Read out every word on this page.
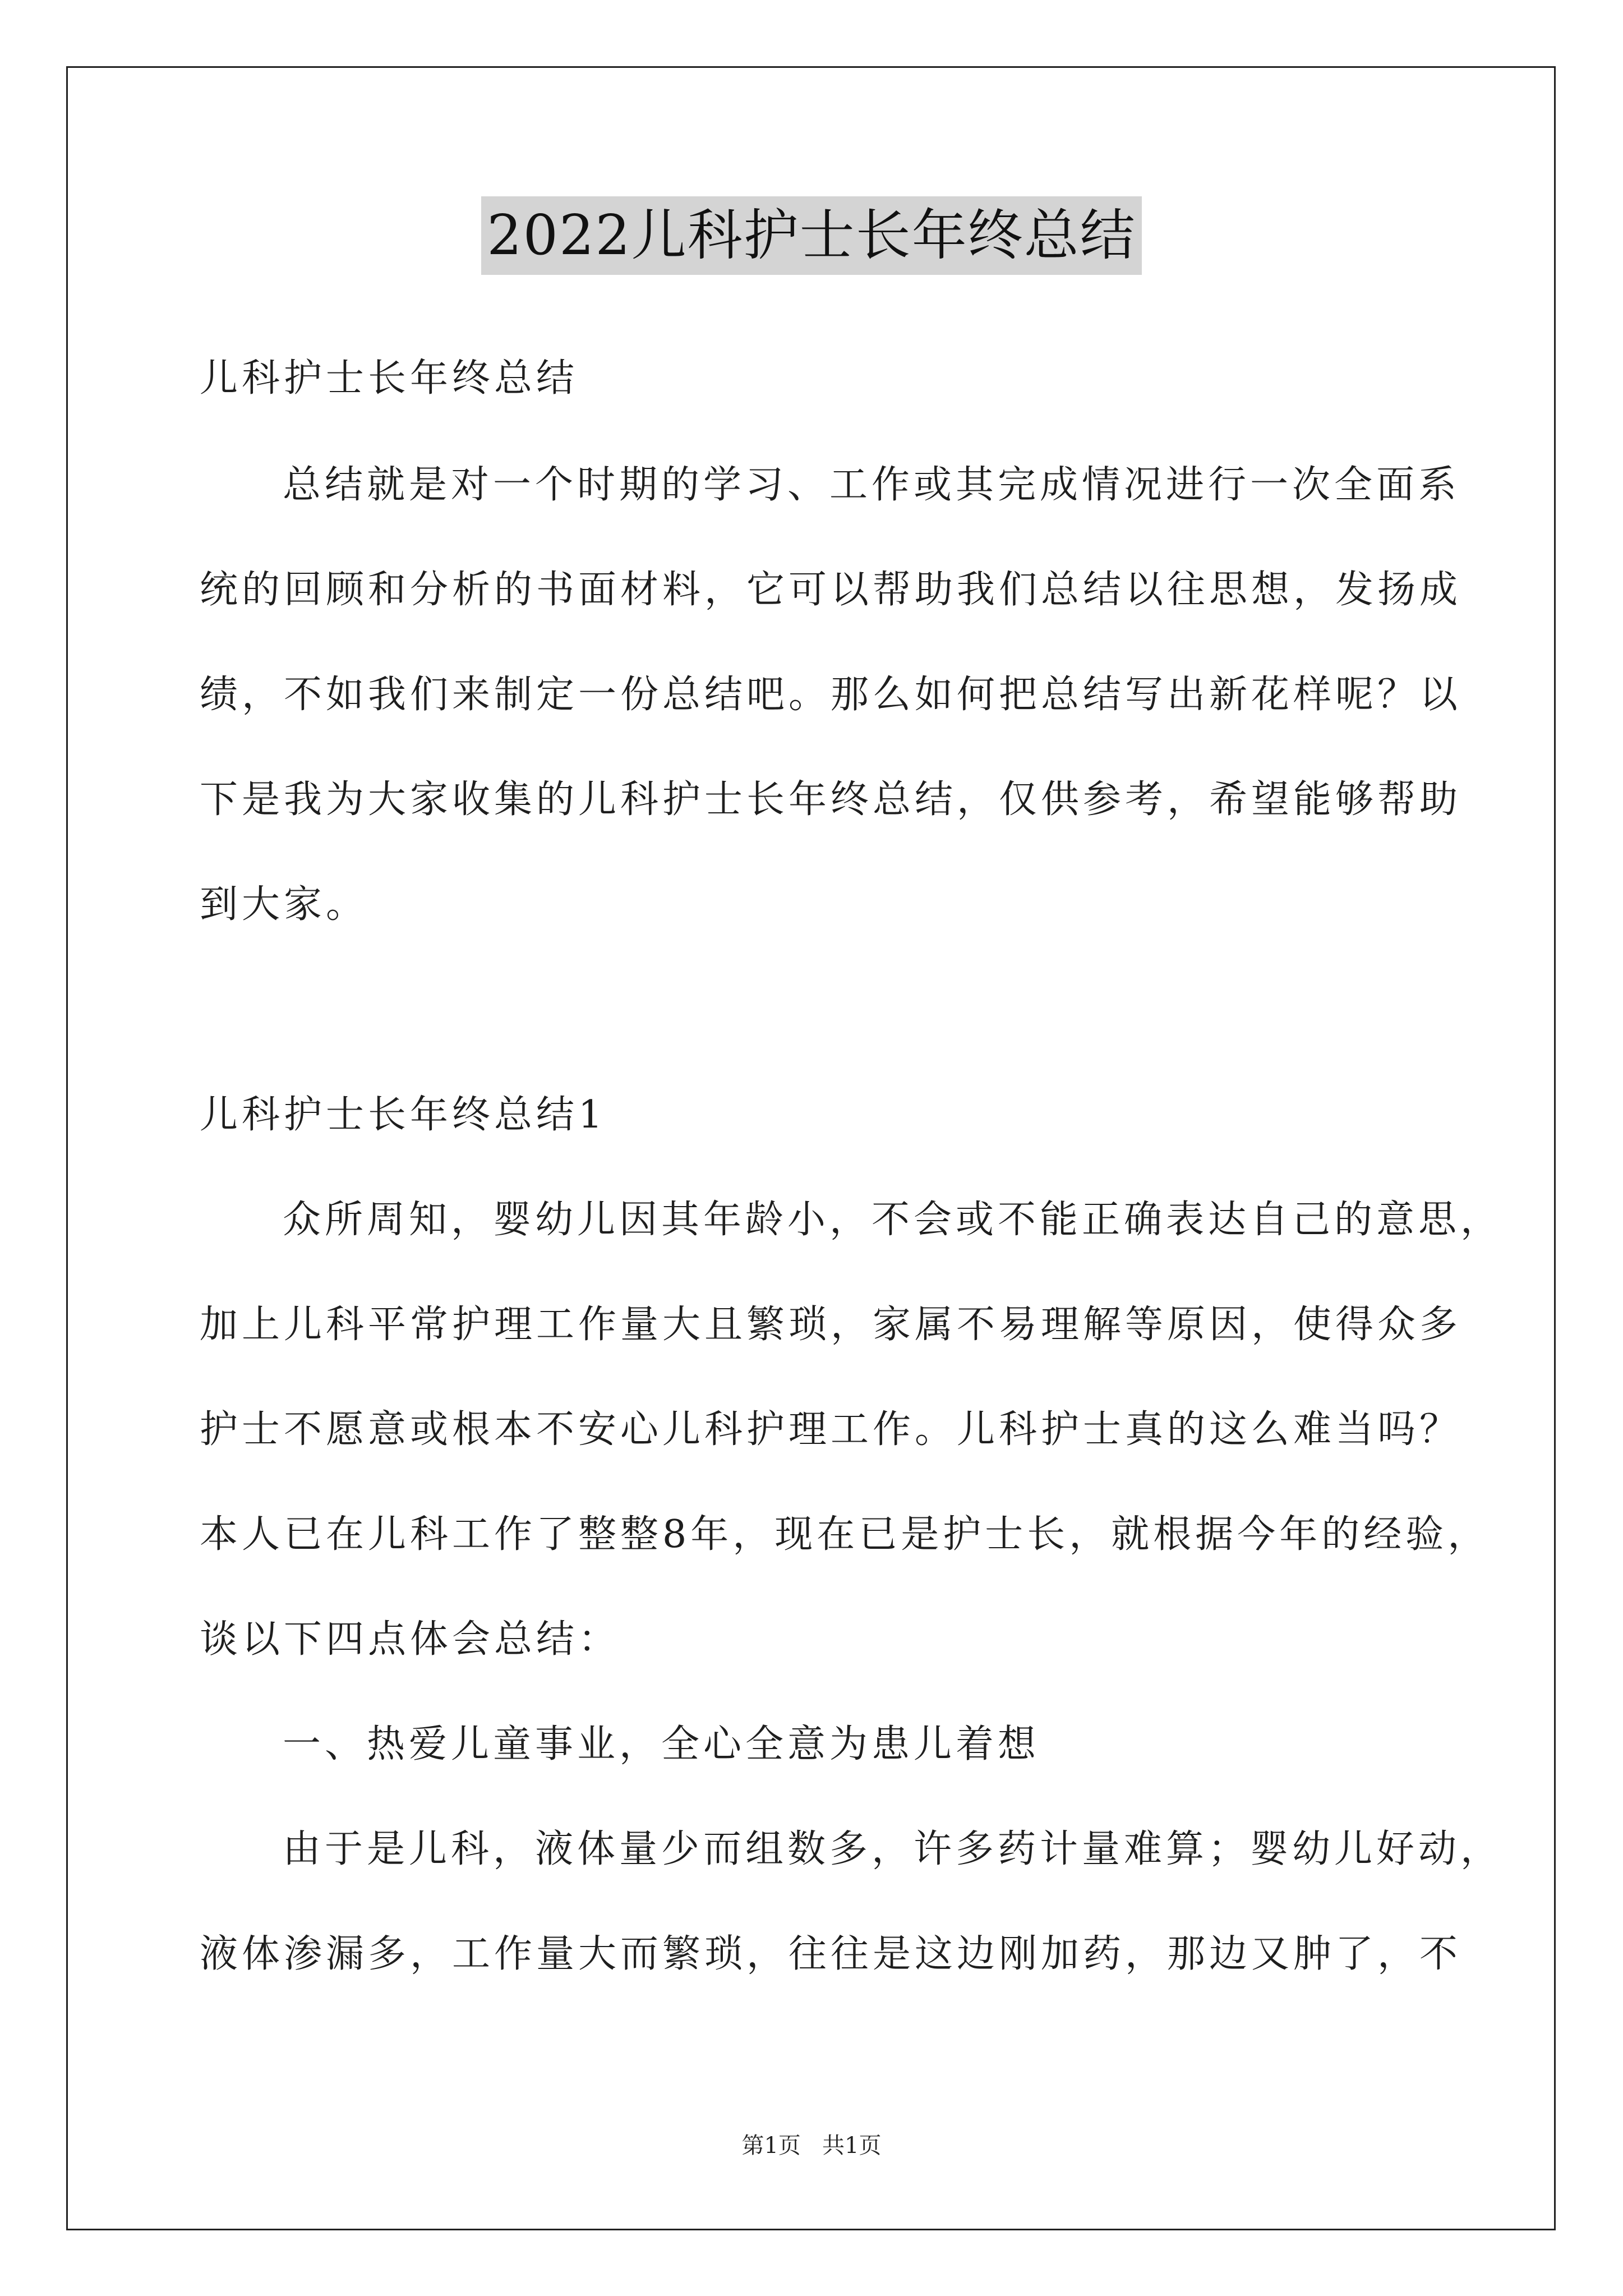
2022儿科护士长年终总结
儿科护士长年终总结
总结就是对一个时期的学习、工作或其完成情况进行一次全面系
统的回顾和分析的书面材料，它可以帮助我们总结以往思想，发扬成
绩，不如我们来制定一份总结吧。那么如何把总结写出新花样呢？以
下是我为大家收集的儿科护士长年终总结，仅供参考，希望能够帮助
到大家。
儿科护士长年终总结1
众所周知，婴幼儿因其年龄小，不会或不能正确表达自己的意思，
加上儿科平常护理工作量大且繁琐，家属不易理解等原因，使得众多
护士不愿意或根本不安心儿科护理工作。儿科护士真的这么难当吗？
本人已在儿科工作了整整8年，现在已是护士长，就根据今年的经验，
谈以下四点体会总结：
一、热爱儿童事业，全心全意为患儿着想
由于是儿科，液体量少而组数多，许多药计量难算；婴幼儿好动，
液体渗漏多，工作量大而繁琐，往往是这边刚加药，那边又肿了，不
第1页   共1页
